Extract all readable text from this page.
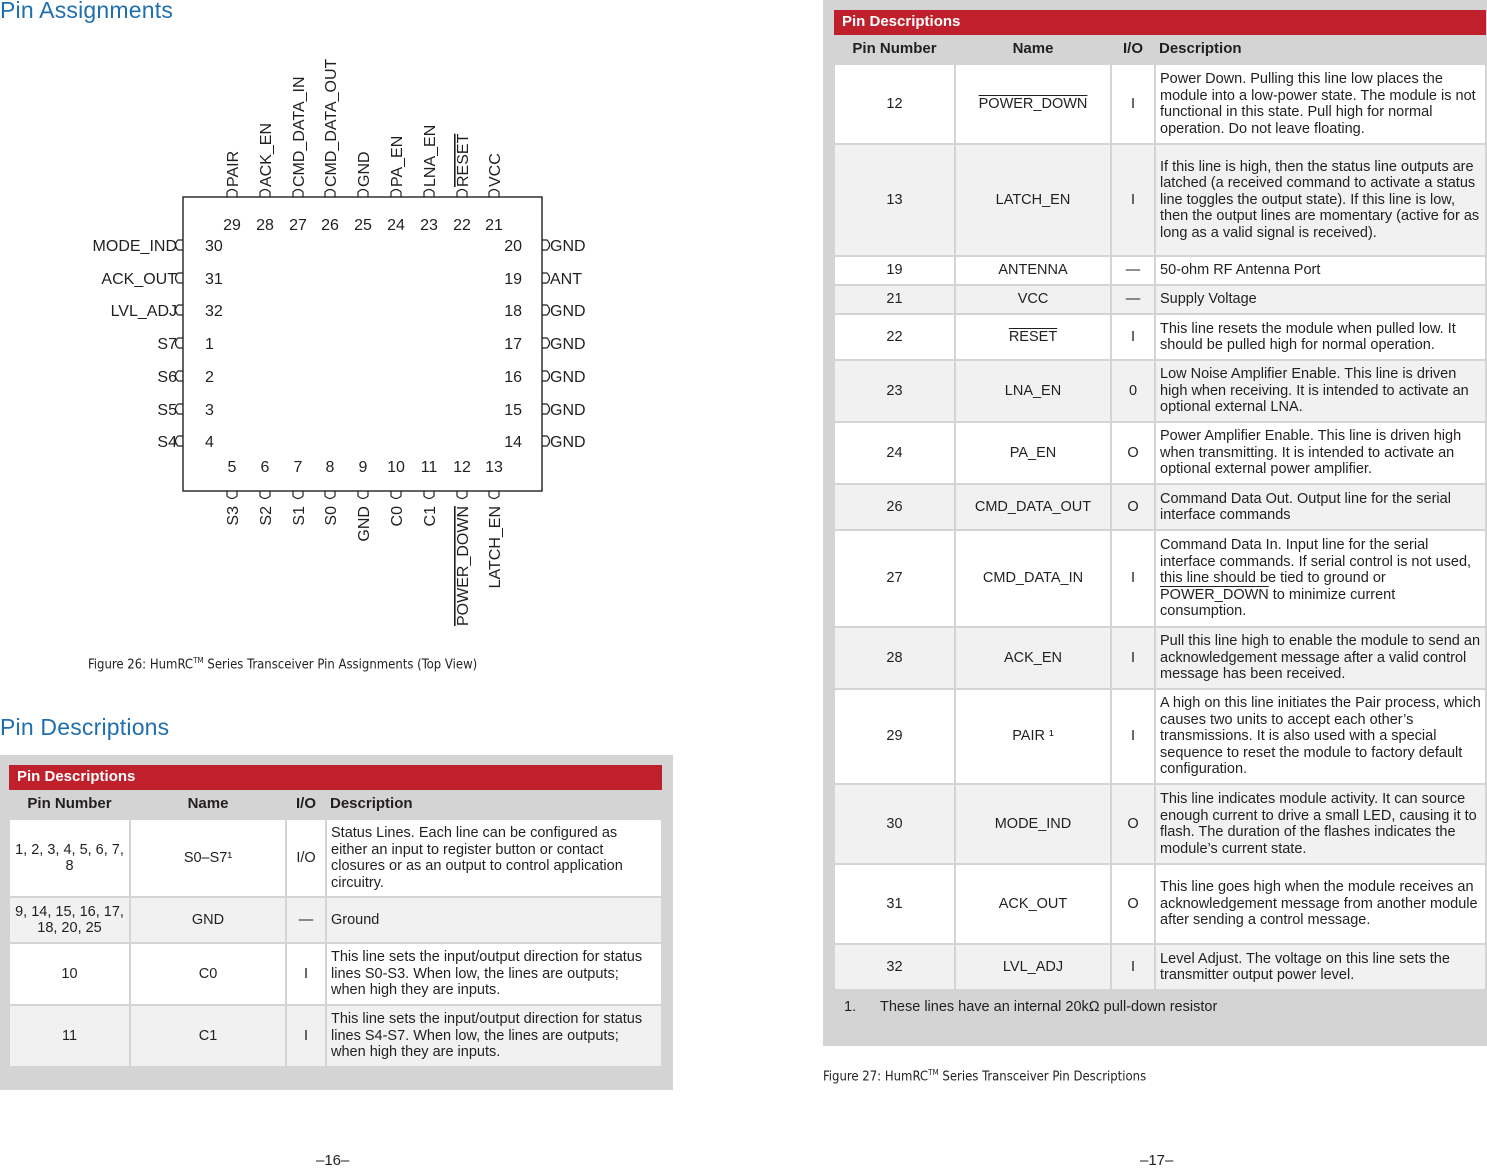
Pin Assignments
29
PAIR
28
ACK_EN
27
CMD_DATA_IN
26
CMD_DATA_OUT
25
GND
24
PA_EN
23
LNA_EN
22
RESET
21
VCC
5
S3
6
S2
7
S1
8
S0
9
GND
10
C0
11
C1
12
POWER_DOWN
13
LATCH_EN
30
MODE_IND	20 GND
31
ACK_OUT	19 ANT
32
LVL_ADJ	18 GND
1
S7	17 GND
2
S6	16 GND
3
S5	15 GND
4
S4	14 GND
Figure 26: HumRC™ Series Transceiver Pin Assignments (Top View)
Pin Descriptions
Pin Descriptions			
Pin Number	Name	I/O	Description
1, 2, 3, 4, 5, 6, 7, 8	S0–S7¹	I/O	Status Lines. Each line can be configured as either an input to register button or contact closures or as an output to control application circuitry.
9, 14, 15, 16, 17, 18, 20, 25	GND	—	Ground
10	C0	I	This line sets the input/output direction for status lines S0-S3. When low, the lines are outputs; when high they are inputs.
11	C1	I	This line sets the input/output direction for status lines S4-S7. When low, the lines are outputs; when high they are inputs.
–16–
Pin Descriptions			
Pin Number	Name	I/O	Description
12	POWER_DOWN	I	Power Down. Pulling this line low places the module into a low-power state. The module is not functional in this state. Pull high for normal operation. Do not leave floating.
13	LATCH_EN	I	If this line is high, then the status line outputs are latched (a received command to activate a status line toggles the output state). If this line is low, then the output lines are momentary (active for as long as a valid signal is received).
19	ANTENNA	—	50-ohm RF Antenna Port
21	VCC	—	Supply Voltage
22	RESET	I	This line resets the module when pulled low. It should be pulled high for normal operation.
23	LNA_EN	0	Low Noise Amplifier Enable. This line is driven high when receiving. It is intended to activate an optional external LNA.
24	PA_EN	O	Power Amplifier Enable. This line is driven high when transmitting. It is intended to activate an optional external power amplifier.
26	CMD_DATA_OUT	O	Command Data Out. Output line for the serial interface commands
27	CMD_DATA_IN	I	Command Data In. Input line for the serial interface commands. If serial control is not used, this line should be tied to ground or POWER_DOWN to minimize current consumption.
28	ACK_EN	I	Pull this line high to enable the module to send an acknowledgement message after a valid control message has been received.
29	PAIR ¹	I	A high on this line initiates the Pair process, which causes two units to accept each other’s transmissions. It is also used with a special sequence to reset the module to factory default configuration.
30	MODE_IND	O	This line indicates module activity. It can source enough current to drive a small LED, causing it to flash. The duration of the flashes indicates the module’s current state.
31	ACK_OUT	O	This line goes high when the module receives an acknowledgement message from another module after sending a control message.
32	LVL_ADJ	I	Level Adjust. The voltage on this line sets the transmitter output power level.
1. These lines have an internal 20kΩ pull-down resistor			
Figure 27: HumRC™ Series Transceiver Pin Descriptions
–17–
